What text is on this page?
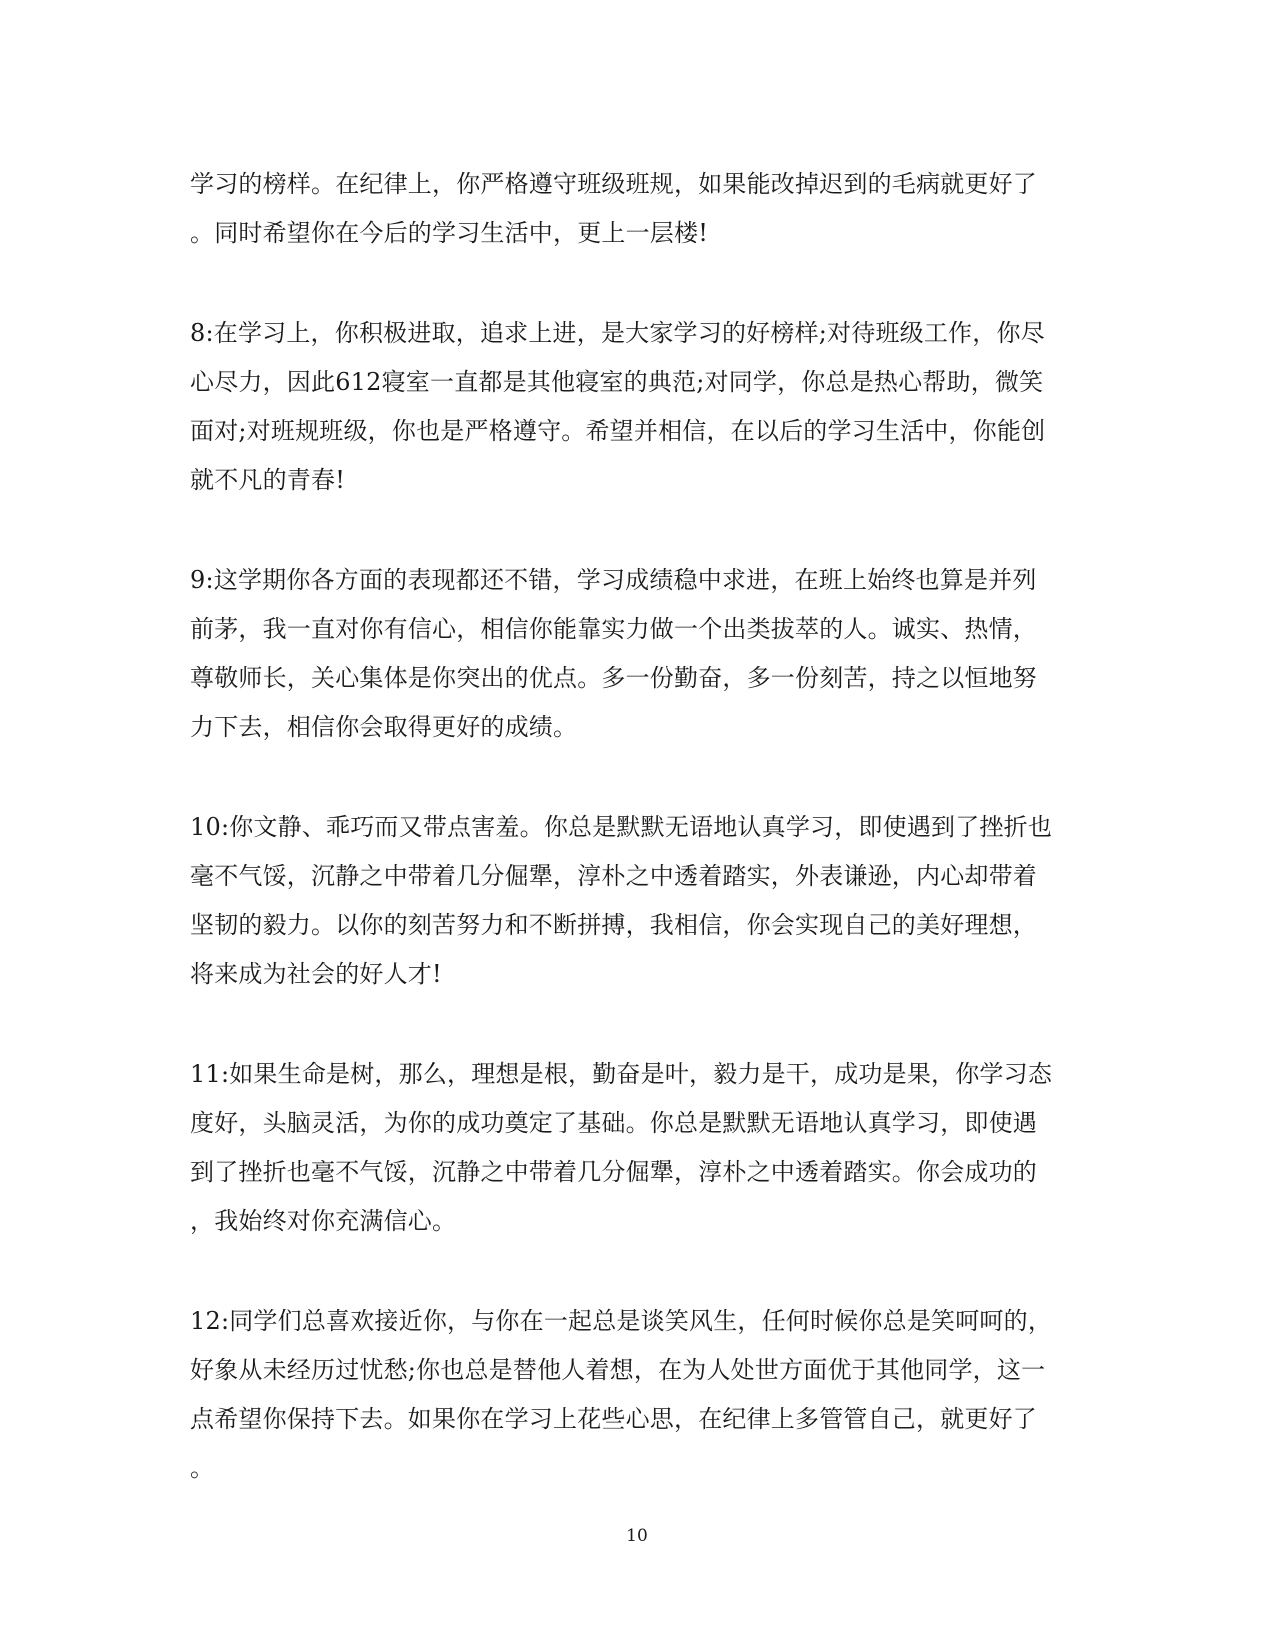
学习的榜样。在纪律上，你严格遵守班级班规，如果能改掉迟到的毛病就更好了
。同时希望你在今后的学习生活中，更上一层楼!
8:在学习上，你积极进取，追求上进，是大家学习的好榜样;对待班级工作，你尽
心尽力，因此612寝室一直都是其他寝室的典范;对同学，你总是热心帮助，微笑
面对;对班规班级，你也是严格遵守。希望并相信，在以后的学习生活中，你能创
就不凡的青春!
9:这学期你各方面的表现都还不错，学习成绩稳中求进，在班上始终也算是并列
前茅，我一直对你有信心，相信你能靠实力做一个出类拔萃的人。诚实、热情，
尊敬师长，关心集体是你突出的优点。多一份勤奋，多一份刻苦，持之以恒地努
力下去，相信你会取得更好的成绩。
10:你文静、乖巧而又带点害羞。你总是默默无语地认真学习，即使遇到了挫折也
毫不气馁，沉静之中带着几分倔犟，淳朴之中透着踏实，外表谦逊，内心却带着
坚韧的毅力。以你的刻苦努力和不断拼搏，我相信，你会实现自己的美好理想，
将来成为社会的好人才!
11:如果生命是树，那么，理想是根，勤奋是叶，毅力是干，成功是果，你学习态
度好，头脑灵活，为你的成功奠定了基础。你总是默默无语地认真学习，即使遇
到了挫折也毫不气馁，沉静之中带着几分倔犟，淳朴之中透着踏实。你会成功的
，我始终对你充满信心。
12:同学们总喜欢接近你，与你在一起总是谈笑风生，任何时候你总是笑呵呵的，
好象从未经历过忧愁;你也总是替他人着想，在为人处世方面优于其他同学，这一
点希望你保持下去。如果你在学习上花些心思，在纪律上多管管自己，就更好了
。
10
